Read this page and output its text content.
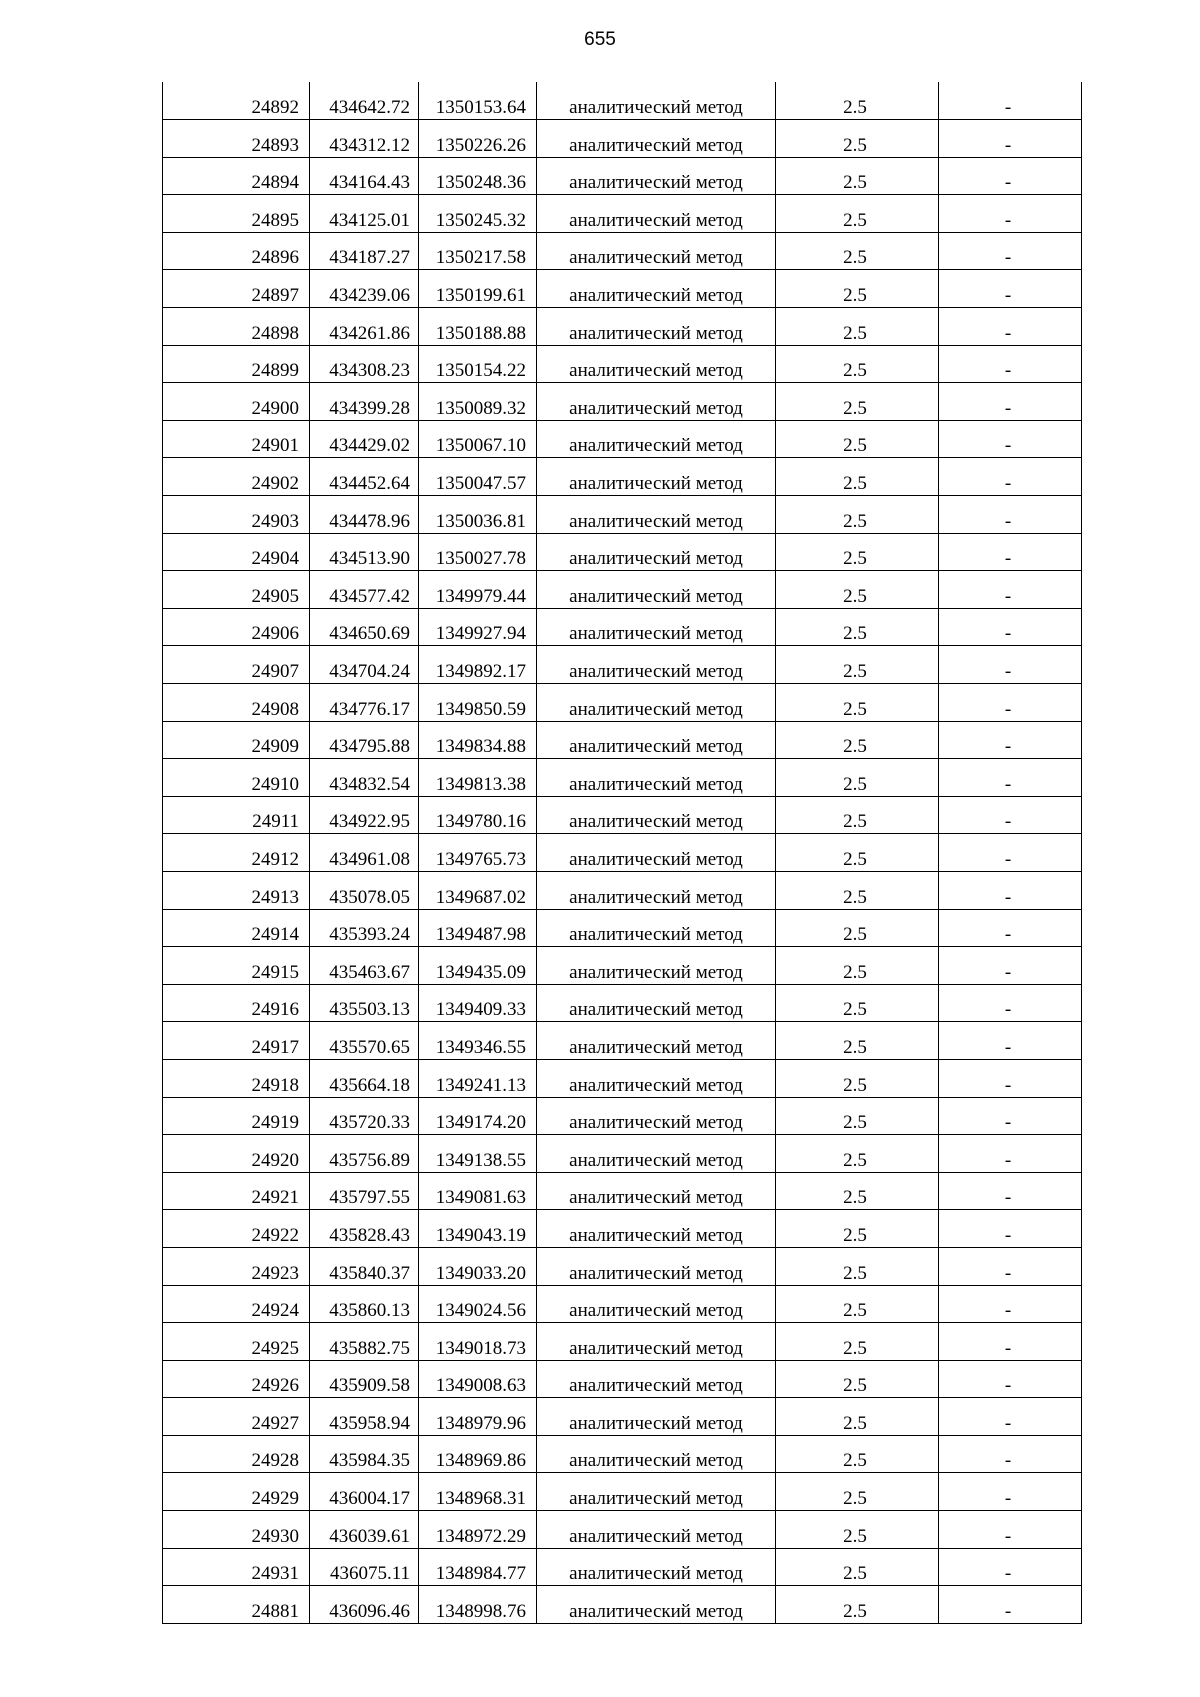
655
24892	434642.72	1350153.64	аналитический метод	2.5	-
24893	434312.12	1350226.26	аналитический метод	2.5	-
24894	434164.43	1350248.36	аналитический метод	2.5	-
24895	434125.01	1350245.32	аналитический метод	2.5	-
24896	434187.27	1350217.58	аналитический метод	2.5	-
24897	434239.06	1350199.61	аналитический метод	2.5	-
24898	434261.86	1350188.88	аналитический метод	2.5	-
24899	434308.23	1350154.22	аналитический метод	2.5	-
24900	434399.28	1350089.32	аналитический метод	2.5	-
24901	434429.02	1350067.10	аналитический метод	2.5	-
24902	434452.64	1350047.57	аналитический метод	2.5	-
24903	434478.96	1350036.81	аналитический метод	2.5	-
24904	434513.90	1350027.78	аналитический метод	2.5	-
24905	434577.42	1349979.44	аналитический метод	2.5	-
24906	434650.69	1349927.94	аналитический метод	2.5	-
24907	434704.24	1349892.17	аналитический метод	2.5	-
24908	434776.17	1349850.59	аналитический метод	2.5	-
24909	434795.88	1349834.88	аналитический метод	2.5	-
24910	434832.54	1349813.38	аналитический метод	2.5	-
24911	434922.95	1349780.16	аналитический метод	2.5	-
24912	434961.08	1349765.73	аналитический метод	2.5	-
24913	435078.05	1349687.02	аналитический метод	2.5	-
24914	435393.24	1349487.98	аналитический метод	2.5	-
24915	435463.67	1349435.09	аналитический метод	2.5	-
24916	435503.13	1349409.33	аналитический метод	2.5	-
24917	435570.65	1349346.55	аналитический метод	2.5	-
24918	435664.18	1349241.13	аналитический метод	2.5	-
24919	435720.33	1349174.20	аналитический метод	2.5	-
24920	435756.89	1349138.55	аналитический метод	2.5	-
24921	435797.55	1349081.63	аналитический метод	2.5	-
24922	435828.43	1349043.19	аналитический метод	2.5	-
24923	435840.37	1349033.20	аналитический метод	2.5	-
24924	435860.13	1349024.56	аналитический метод	2.5	-
24925	435882.75	1349018.73	аналитический метод	2.5	-
24926	435909.58	1349008.63	аналитический метод	2.5	-
24927	435958.94	1348979.96	аналитический метод	2.5	-
24928	435984.35	1348969.86	аналитический метод	2.5	-
24929	436004.17	1348968.31	аналитический метод	2.5	-
24930	436039.61	1348972.29	аналитический метод	2.5	-
24931	436075.11	1348984.77	аналитический метод	2.5	-
24881	436096.46	1348998.76	аналитический метод	2.5	-
